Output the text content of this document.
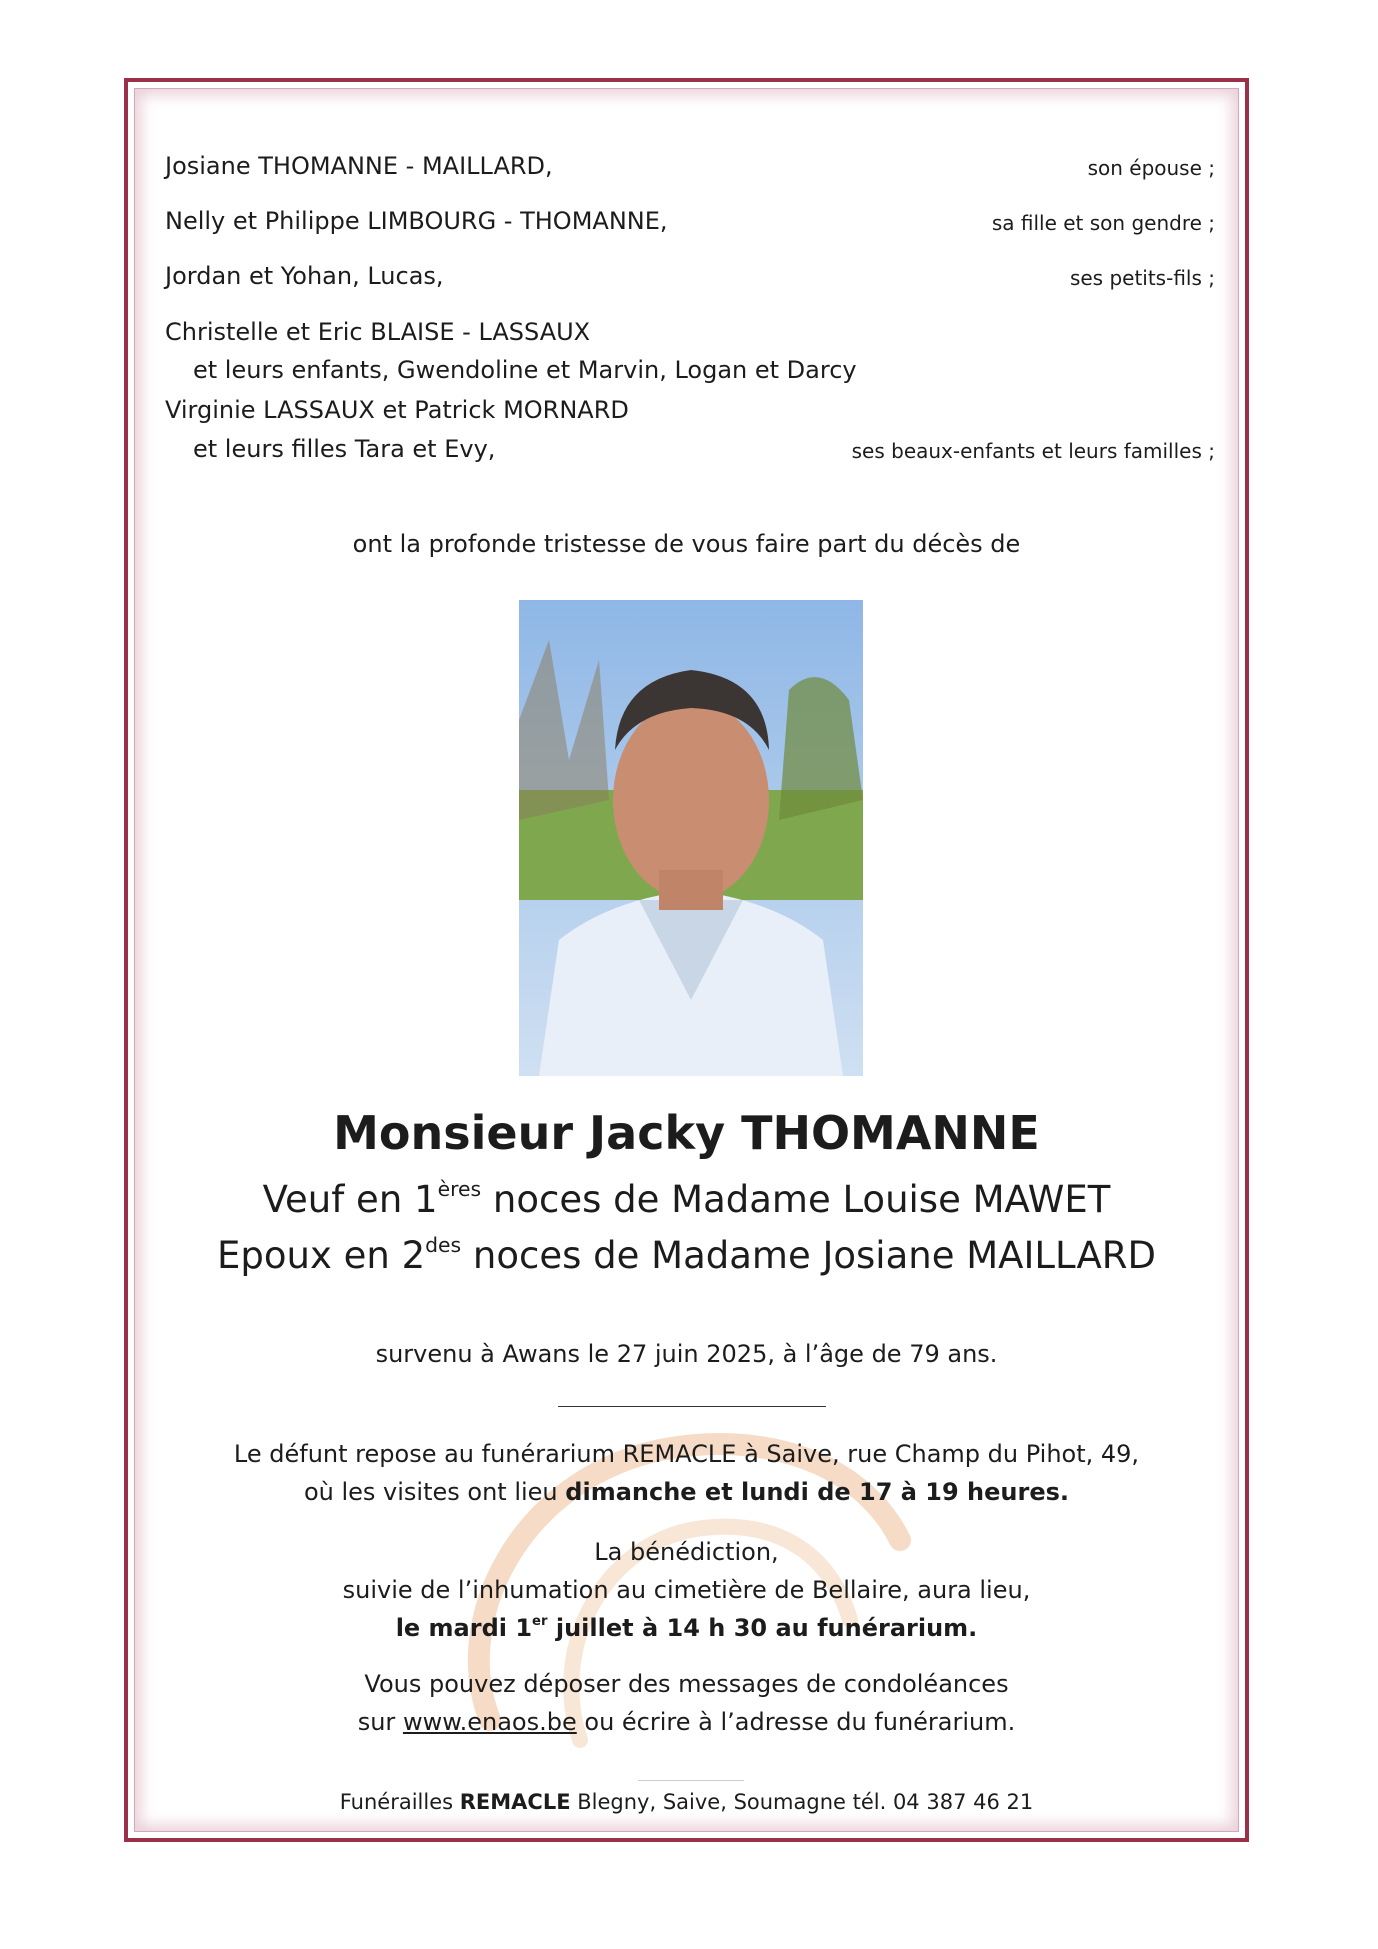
Josiane THOMANNE - MAILLARD,	son épouse ;
Nelly et Philippe LIMBOURG - THOMANNE,	sa fille et son gendre ;
Jordan et Yohan, Lucas,	ses petits-fils ;
Christelle et Eric BLAISE - LASSAUX
et leurs enfants, Gwendoline et Marvin, Logan et Darcy
Virginie LASSAUX et Patrick MORNARD
et leurs filles Tara et Evy,	ses beaux-enfants et leurs familles ;
ont la profonde tristesse de vous faire part du décès de
Monsieur Jacky THOMANNE
Veuf en 1ères noces de Madame Louise MAWET
Epoux en $2^{des}$ noces de Madame Josiane MAILLARD
survenu à Awans le 27 juin 2025, à l’âge de 79 ans.
Le défunt repose au funérarium REMACLE à Saive, rue Champ du Pihot, 49,
où les visites ont lieu dimanche et lundi de 17 à 19 heures.
La bénédiction,
suivie de l’inhumation au cimetière de Bellaire, aura lieu,
le mardi 1er juillet à 14 h 30 au funérarium.
Vous pouvez déposer des messages de condoléances
sur www.enaos.be ou écrire à l’adresse du funérarium.
Funérailles REMACLE Blegny, Saive, Soumagne tél. 04 387 46 21
